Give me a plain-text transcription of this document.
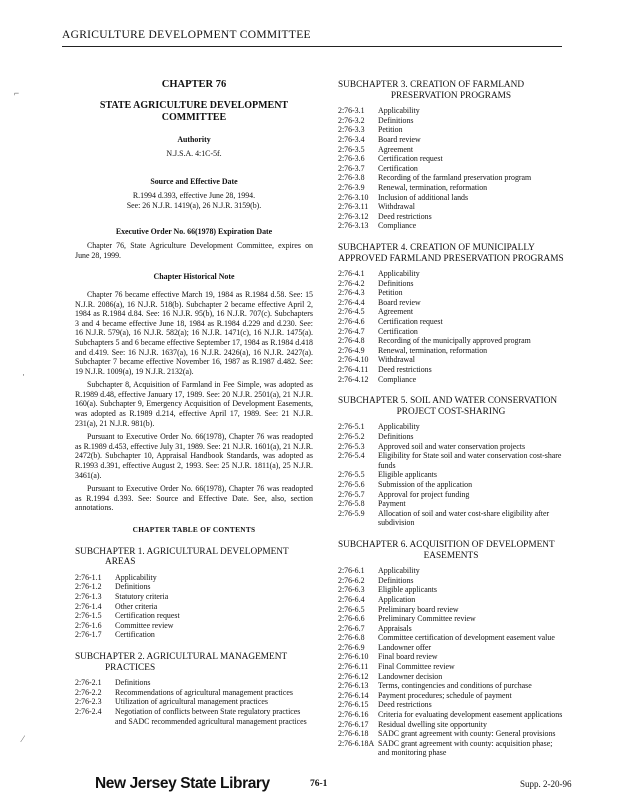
AGRICULTURE DEVELOPMENT COMMITTEE
⌐
·
⁄
CHAPTER 76
STATE AGRICULTURE DEVELOPMENT COMMITTEE
Authority
N.J.S.A. 4:1C-5f.
Source and Effective Date
R.1994 d.393, effective June 28, 1994.
See: 26 N.J.R. 1419(a), 26 N.J.R. 3159(b).
Executive Order No. 66(1978) Expiration Date

Chapter 76, State Agriculture Development Committee, expires on June 28, 1999.

Chapter Historical Note

Chapter 76 became effective March 19, 1984 as R.1984 d.58. See: 15 N.J.R. 2086(a), 16 N.J.R. 518(b). Subchapter 2 became effective April 2, 1984 as R.1984 d.84. See: 16 N.J.R. 95(b), 16 N.J.R. 707(c). Subchapters 3 and 4 became effective June 18, 1984 as R.1984 d.229 and d.230. See: 16 N.J.R. 579(a), 16 N.J.R. 582(a); 16 N.J.R. 1471(c), 16 N.J.R. 1475(a). Subchapters 5 and 6 became effective September 17, 1984 as R.1984 d.418 and d.419. See: 16 N.J.R. 1637(a), 16 N.J.R. 2426(a), 16 N.J.R. 2427(a). Subchapter 7 became effective November 16, 1987 as R.1987 d.482. See: 19 N.J.R. 1009(a), 19 N.J.R. 2132(a).

Subchapter 8, Acquisition of Farmland in Fee Simple, was adopted as R.1989 d.48, effective January 17, 1989. See: 20 N.J.R. 2501(a), 21 N.J.R. 160(a). Subchapter 9, Emergency Acquisition of Development Easements, was adopted as R.1989 d.214, effective April 17, 1989. See: 21 N.J.R. 231(a), 21 N.J.R. 981(b).

Pursuant to Executive Order No. 66(1978), Chapter 76 was readopted as R.1989 d.453, effective July 31, 1989. See: 21 N.J.R. 1601(a), 21 N.J.R. 2472(b). Subchapter 10, Appraisal Handbook Standards, was adopted as R.1993 d.391, effective August 2, 1993. See: 25 N.J.R. 1811(a), 25 N.J.R. 3461(a).

Pursuant to Executive Order No. 66(1978), Chapter 76 was readopted as R.1994 d.393. See: Source and Effective Date. See, also, section annotations.

CHAPTER TABLE OF CONTENTS
SUBCHAPTER 1. AGRICULTURAL DEVELOPMENT
AREAS
2:76-1.1	Applicability
2:76-1.2	Definitions
2:76-1.3	Statutory criteria
2:76-1.4	Other criteria
2:76-1.5	Certification request
2:76-1.6	Committee review
2:76-1.7	Certification
SUBCHAPTER 2. AGRICULTURAL MANAGEMENT
PRACTICES
2:76-2.1	Definitions
2:76-2.2	Recommendations of agricultural management practices
2:76-2.3	Utilization of agricultural management practices
2:76-2.4	Negotiation of conflicts between State regulatory practices and SADC recommended agricultural management practices
SUBCHAPTER 3. CREATION OF FARMLAND
PRESERVATION PROGRAMS
2:76-3.1	Applicability
2:76-3.2	Definitions
2:76-3.3	Petition
2:76-3.4	Board review
2:76-3.5	Agreement
2:76-3.6	Certification request
2:76-3.7	Certification
2:76-3.8	Recording of the farmland preservation program
2:76-3.9	Renewal, termination, reformation
2:76-3.10	Inclusion of additional lands
2:76-3.11	Withdrawal
2:76-3.12	Deed restrictions
2:76-3.13	Compliance
SUBCHAPTER 4. CREATION OF MUNICIPALLY
APPROVED FARMLAND PRESERVATION PROGRAMS
2:76-4.1	Applicability
2:76-4.2	Definitions
2:76-4.3	Petition
2:76-4.4	Board review
2:76-4.5	Agreement
2:76-4.6	Certification request
2:76-4.7	Certification
2:76-4.8	Recording of the municipally approved program
2:76-4.9	Renewal, termination, reformation
2:76-4.10	Withdrawal
2:76-4.11	Deed restrictions
2:76-4.12	Compliance
SUBCHAPTER 5. SOIL AND WATER CONSERVATION
PROJECT COST-SHARING
2:76-5.1	Applicability
2:76-5.2	Definitions
2:76-5.3	Approved soil and water conservation projects
2:76-5.4	Eligibility for State soil and water conservation cost-share funds
2:76-5.5	Eligible applicants
2:76-5.6	Submission of the application
2:76-5.7	Approval for project funding
2:76-5.8	Payment
2:76-5.9	Allocation of soil and water cost-share eligibility after subdivision
SUBCHAPTER 6. ACQUISITION OF DEVELOPMENT
EASEMENTS
2:76-6.1	Applicability
2:76-6.2	Definitions
2:76-6.3	Eligible applicants
2:76-6.4	Application
2:76-6.5	Preliminary board review
2:76-6.6	Preliminary Committee review
2:76-6.7	Appraisals
2:76-6.8	Committee certification of development easement value
2:76-6.9	Landowner offer
2:76-6.10	Final board review
2:76-6.11	Final Committee review
2:76-6.12	Landowner decision
2:76-6.13	Terms, contingencies and conditions of purchase
2:76-6.14	Payment procedures; schedule of payment
2:76-6.15	Deed restrictions
2:76-6.16	Criteria for evaluating development easement applications
2:76-6.17	Residual dwelling site opportunity
2:76-6.18	SADC grant agreement with county: General provisions
2:76-6.18A SADC grant agreement with county: acquisition phase; and monitoring phase
New Jersey State Library	76-1	Supp. 2-20-96
